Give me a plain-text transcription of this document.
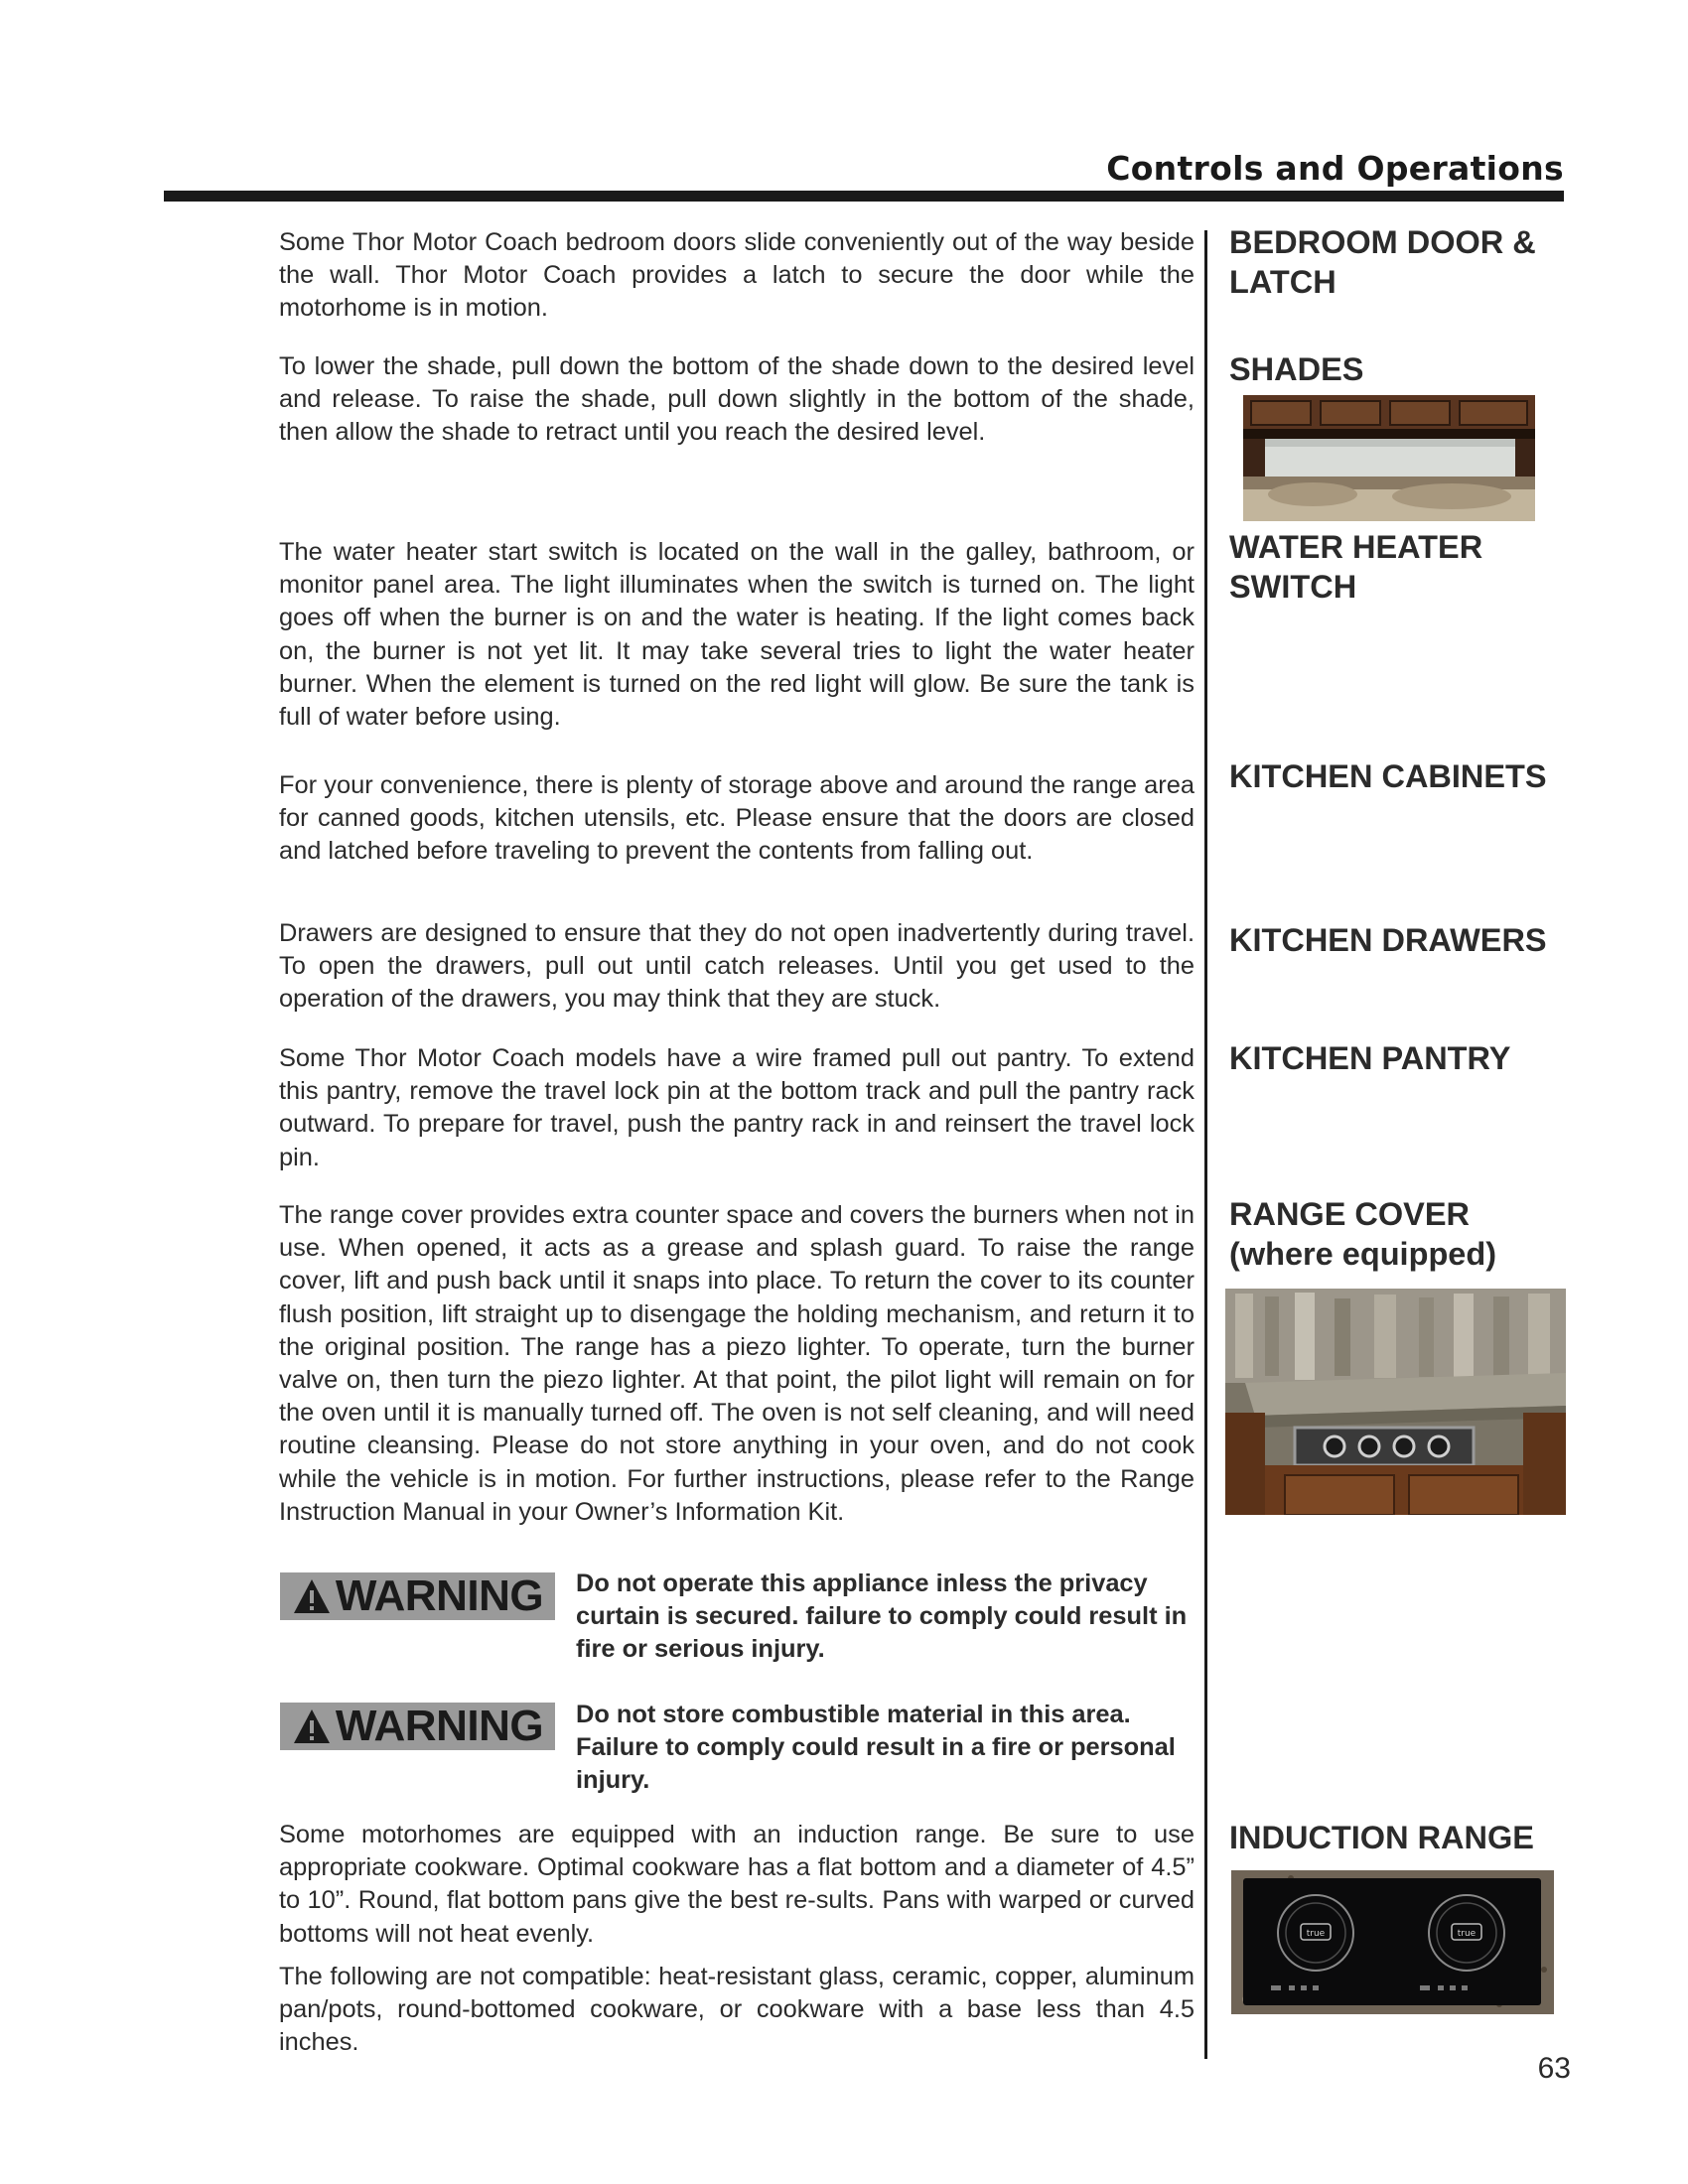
Controls and Operations

Some Thor Motor Coach bedroom doors slide conveniently out of the way beside the wall. Thor Motor Coach provides a latch to secure the door while the motorhome is in motion.

BEDROOM DOOR & LATCH

To lower the shade, pull down the bottom of the shade down to the desired level and release. To raise the shade, pull down slightly in the bottom of the shade, then allow the shade to retract until you reach the desired level.

SHADES

The water heater start switch is located on the wall in the galley, bathroom, or monitor panel area. The light illuminates when the switch is turned on. The light goes off when the burner is on and the water is heating. If the light comes back on, the burner is not yet lit. It may take several tries to light the water heater burner. When the element is turned on the red light will glow. Be sure the tank is full of water before using.

WATER HEATER SWITCH

For your convenience, there is plenty of storage above and around the range area for canned goods, kitchen utensils, etc. Please ensure that the doors are closed and latched before traveling to prevent the contents from falling out.

KITCHEN CABINETS

Drawers are designed to ensure that they do not open inadvertently during travel. To open the drawers, pull out until catch releases. Until you get used to the operation of the drawers, you may think that they are stuck.

KITCHEN DRAWERS

Some Thor Motor Coach models have a wire framed pull out pantry. To extend this pantry, remove the travel lock pin at the bottom track and pull the pantry rack outward. To prepare for travel, push the pantry rack in and reinsert the travel lock pin.

KITCHEN PANTRY

The range cover provides extra counter space and covers the burners when not in use. When opened, it acts as a grease and splash guard. To raise the range cover, lift and push back until it snaps into place. To return the cover to its counter flush position, lift straight up to disengage the holding mechanism, and return it to the original position. The range has a piezo lighter. To operate, turn the burner valve on, then turn the piezo lighter. At that point, the pilot light will remain on for the oven until it is manually turned off. The oven is not self cleaning, and will need routine cleansing. Please do not store anything in your oven, and do not cook while the vehicle is in motion. For further instructions, please refer to the Range Instruction Manual in your Owner’s Information Kit.

RANGE COVER (where equipped)
WARNING Do not operate this appliance inless the privacy curtain is secured. failure to comply could result in fire or serious injury.

WARNING Do not store combustible material in this area. Failure to comply could result in a fire or personal injury.

Some motorhomes are equipped with an induction range. Be sure to use appropriate cookware. Optimal cookware has a flat bottom and a diameter of 4.5” to 10”. Round, flat bottom pans give the best re-sults. Pans with warped or curved bottoms will not heat evenly.

The following are not compatible: heat-resistant glass, ceramic, copper, aluminum pan/pots, round-bottomed cookware, or cookware with a base less than 4.5 inches.

INDUCTION RANGE
true	true
63
